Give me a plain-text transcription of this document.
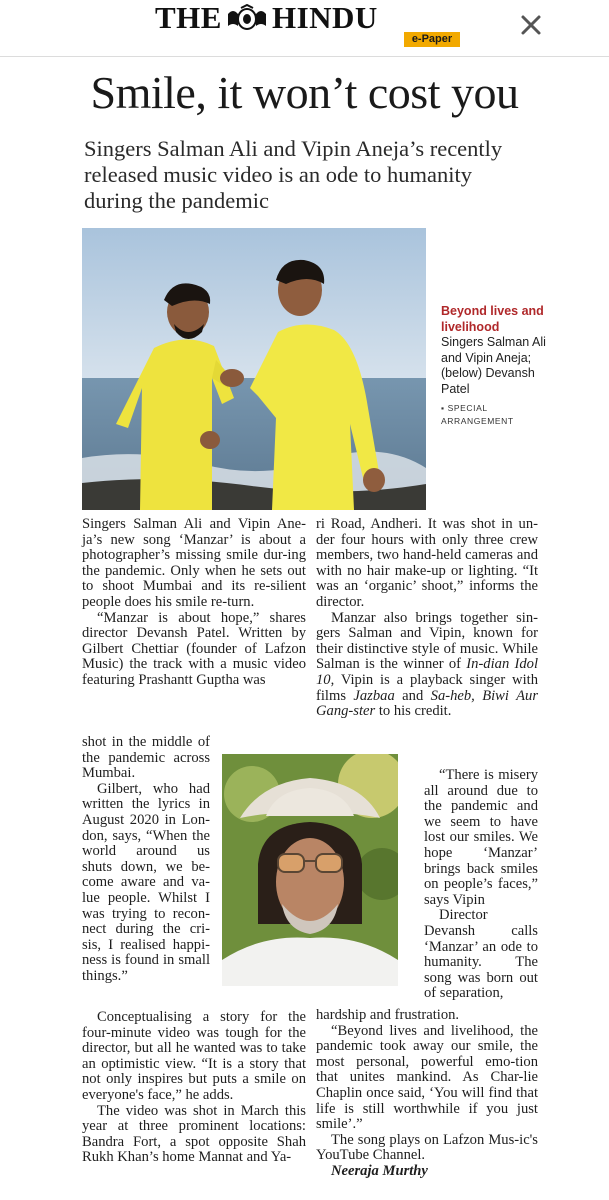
THE HINDU
e-Paper
Smile, it won’t cost you
Singers Salman Ali and Vipin Aneja’s recently released music video is an ode to humanity during the pandemic
Beyond lives and livelihood
Singers Salman Ali and Vipin Aneja; (below) Devansh Patel
▪ SPECIAL ARRANGEMENT

Singers Salman Ali and Vipin Ane-ja’s new song ‘Manzar’ is about a photographer’s missing smile dur-ing the pandemic. Only when he sets out to shoot Mumbai and its re-silient people does his smile re-turn.

“Manzar is about hope,” shares director Devansh Patel. Written by Gilbert Chettiar (founder of Lafzon Music) the track with a music video featuring Prashantt Guptha was

shot in the middle of the pandemic across Mumbai.

Gilbert, who had written the lyrics in August 2020 in Lon-don, says, “When the world around us shuts down, we be-come aware and va-lue people. Whilst I was trying to recon-nect during the cri-sis, I realised happi-ness is found in small things.”

Conceptualising a story for the four-minute video was tough for the director, but all he wanted was to take an optimistic view. “It is a story that not only inspires but puts a smile on everyone's face,” he adds.

The video was shot in March this year at three prominent locations: Bandra Fort, a spot opposite Shah Rukh Khan’s home Mannat and Ya-

ri Road, Andheri. It was shot in un-der four hours with only three crew members, two hand-held cameras and with no hair make-up or lighting. “It was an ‘organic’ shoot,” informs the director.

Manzar also brings together sin-gers Salman and Vipin, known for their distinctive style of music. While Salman is the winner of In-dian Idol 10, Vipin is a playback singer with films Jazbaa and Sa-heb, Biwi Aur Gang-ster to his credit.

“There is misery all around due to the pandemic and we seem to have lost our smiles. We hope ‘Manzar’ brings back smiles on people’s faces,” says Vipin

Director Devansh calls ‘Manzar’ an ode to humanity. The song was born out of separation,

hardship and frustration.

“Beyond lives and livelihood, the pandemic took away our smile, the most personal, powerful emo-tion that unites mankind. As Char-lie Chaplin once said, ‘You will find that life is still worthwhile if you just smile’.”

The song plays on Lafzon Mus-ic's YouTube Channel.

Neeraja Murthy
